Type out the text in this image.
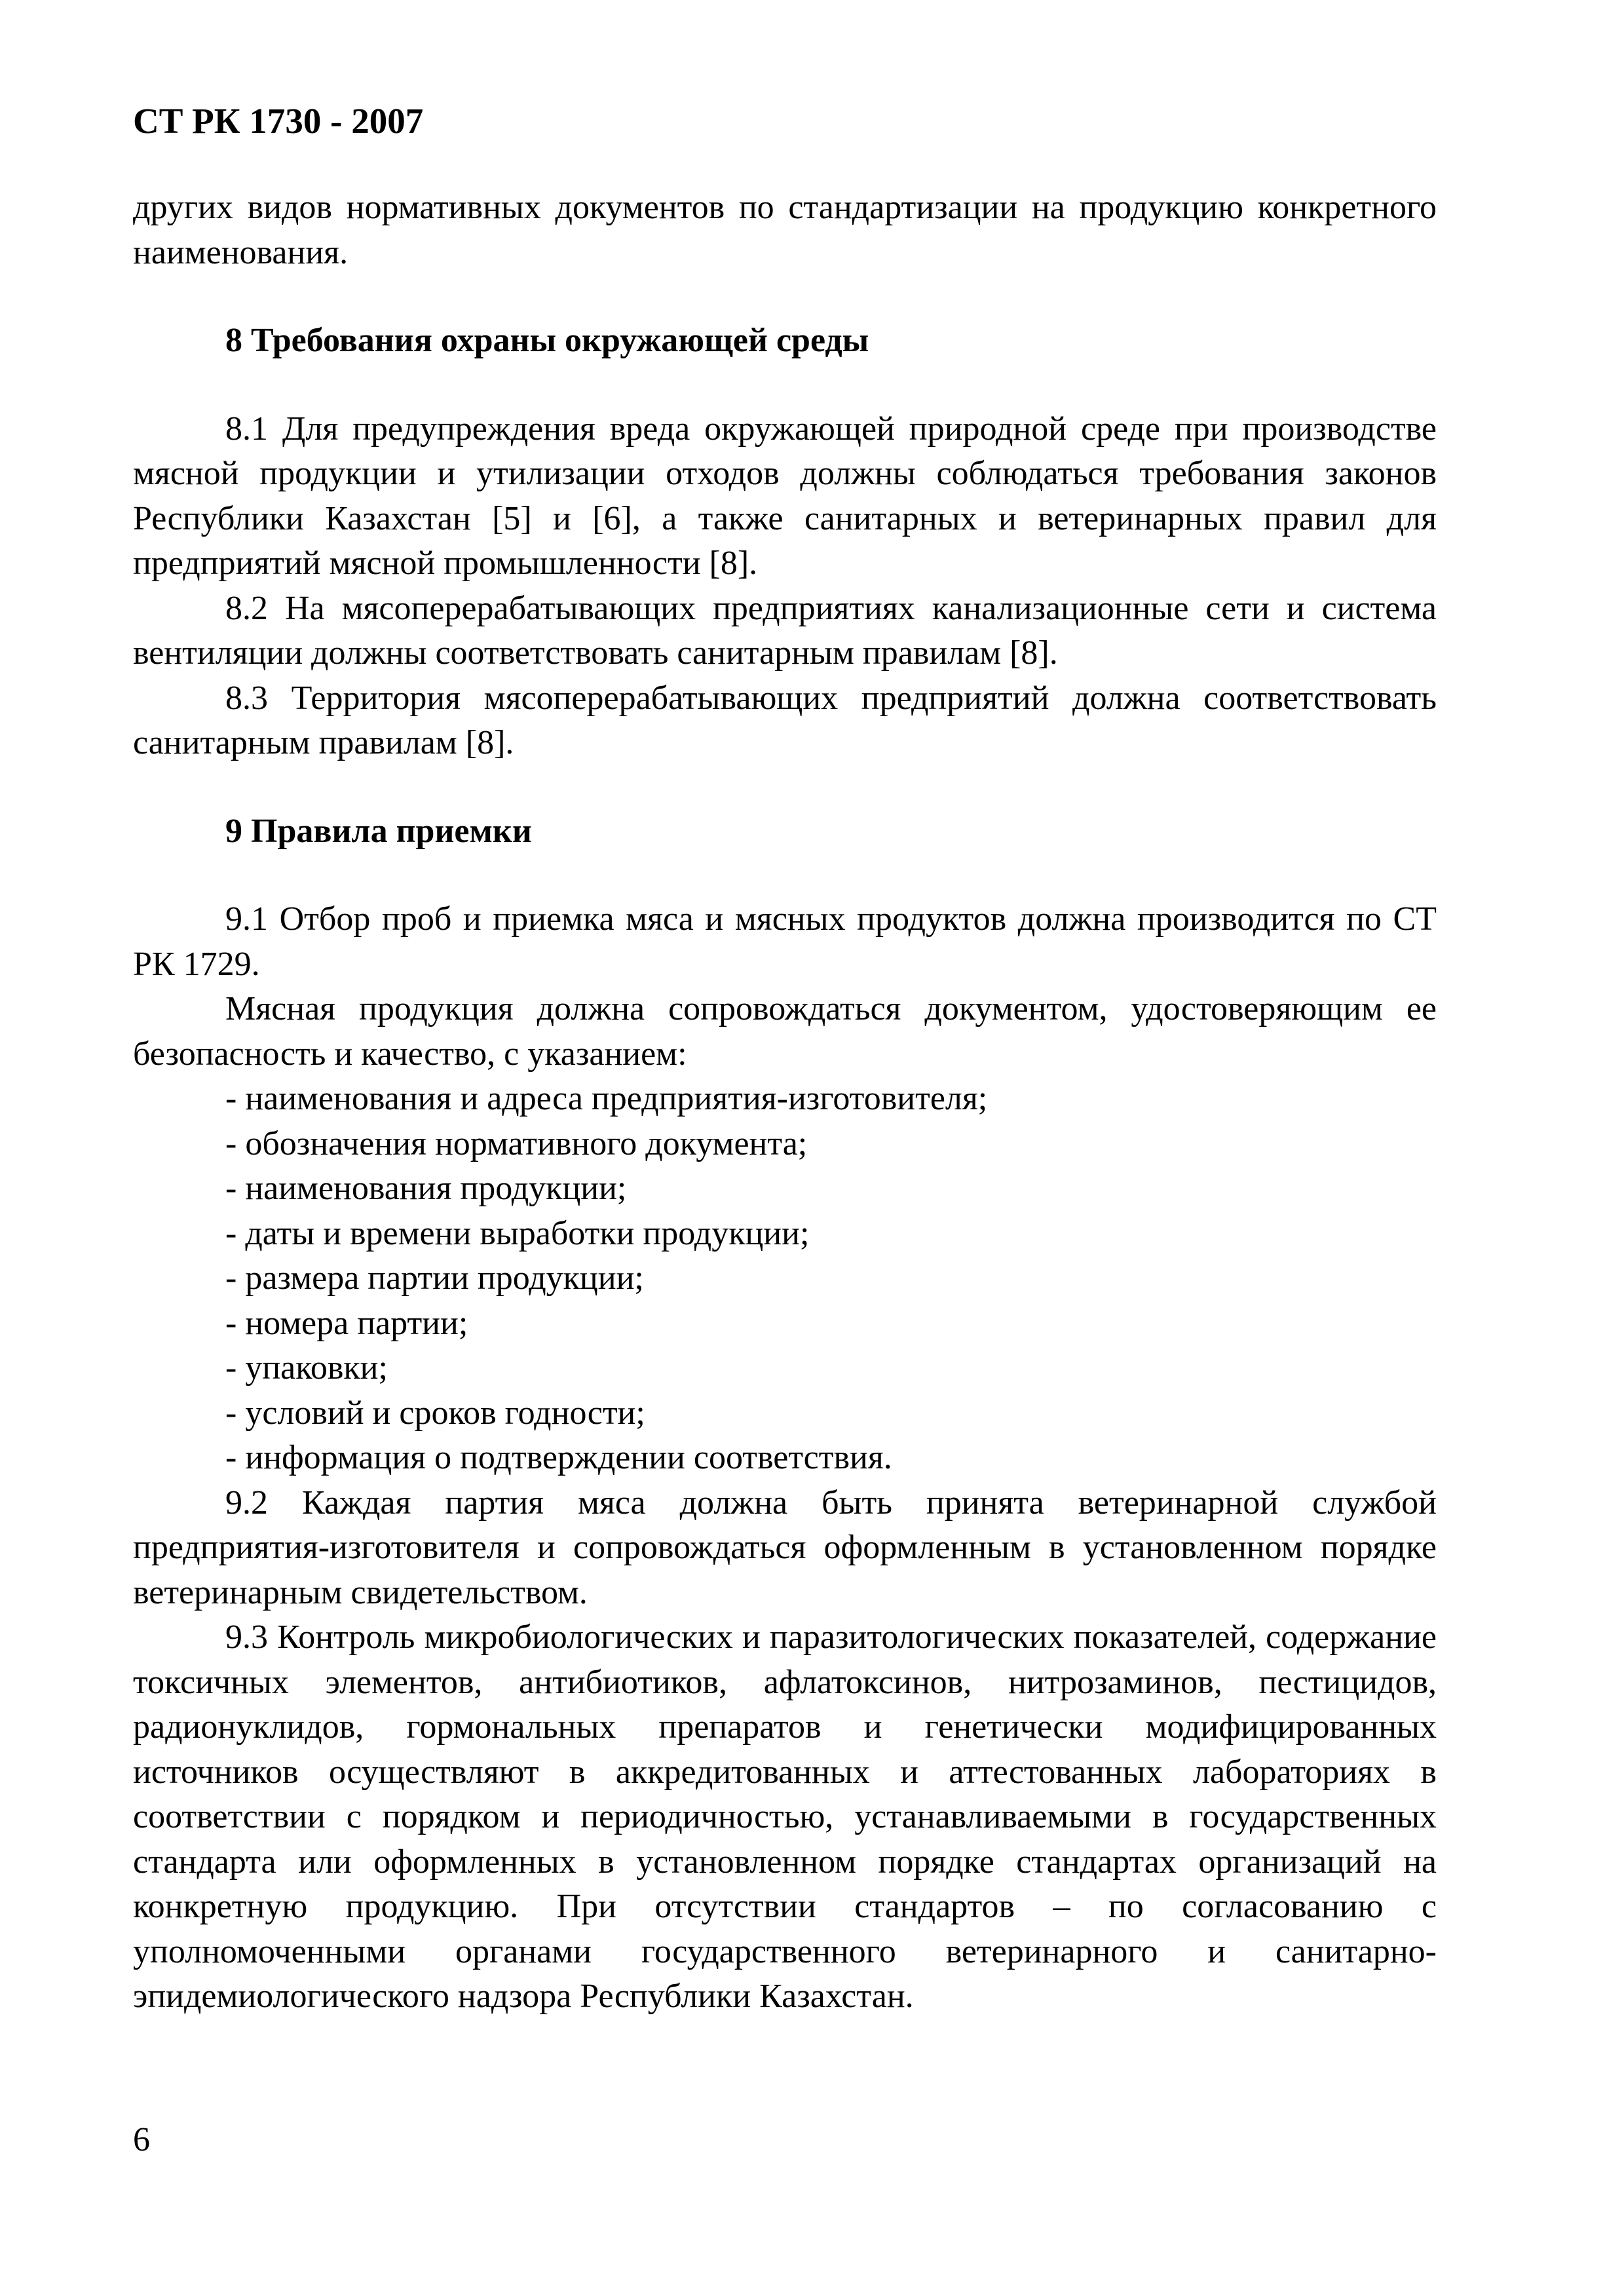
СТ РК 1730 - 2007

других видов нормативных документов по стандартизации на продукцию конкретного наименования.

8 Требования охраны окружающей среды

8.1 Для предупреждения вреда окружающей природной среде при производстве мясной продукции и утилизации отходов должны соблюдаться требования законов Республики Казахстан [5] и [6], а также санитарных и ветеринарных правил для предприятий мясной промышленности [8].

8.2 На мясоперерабатывающих предприятиях канализационные сети и система вентиляции должны соответствовать санитарным правилам [8].

8.3 Территория мясоперерабатывающих предприятий должна соответствовать санитарным правилам [8].

9 Правила приемки

9.1 Отбор проб и приемка мяса и мясных продуктов должна производится по СТ РК 1729.

Мясная продукция должна сопровождаться документом, удостоверяющим ее безопасность и качество, с указанием:

- наименования и адреса предприятия-изготовителя;

- обозначения нормативного документа;

- наименования продукции;

- даты и времени выработки продукции;

- размера партии продукции;

- номера партии;

- упаковки;

- условий и сроков годности;

- информация о подтверждении соответствия.

9.2 Каждая партия мяса должна быть принята ветеринарной службой предприятия-изготовителя и сопровождаться оформленным в установленном порядке ветеринарным свидетельством.

9.3 Контроль микробиологических и паразитологических показателей, содержание токсичных элементов, антибиотиков, афлатоксинов, нитрозаминов, пестицидов, радионуклидов, гормональных препаратов и генетически модифицированных источников осуществляют в аккредитованных и аттестованных лабораториях в соответствии с порядком и периодичностью, устанавливаемыми в государственных стандарта или оформленных в установленном порядке стандартах организаций на конкретную продукцию. При отсутствии стандартов – по согласованию с уполномоченными органами государственного ветеринарного и санитарно-эпидемиологического надзора Республики Казахстан.

6
